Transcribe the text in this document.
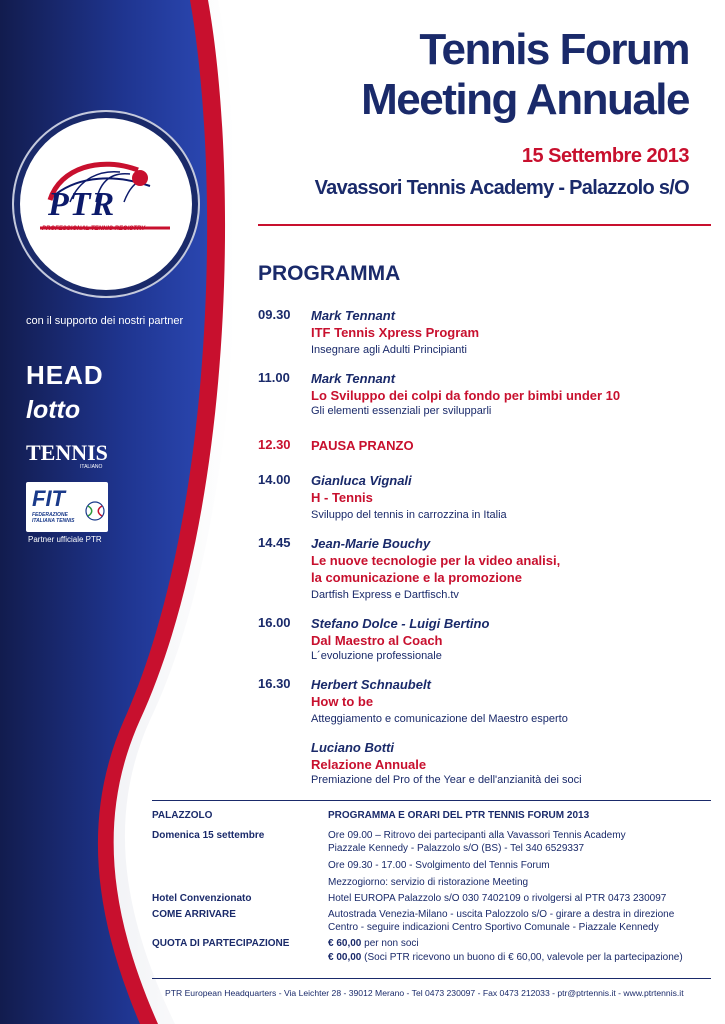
PTR
PROFESSIONAL TENNIS REGISTRY
con il supporto dei nostri partner
HEAD
lotto
TENNIS
ITALIANO
FIT
FEDERAZIONE ITALIANA TENNIS
Partner ufficiale PTR
Tennis Forum
Meeting Annuale
15 Settembre 2013
Vavassori Tennis Academy - Palazzolo s/O
PROGRAMMA
09.30 Mark Tennant
ITF Tennis Xpress Program
Insegnare agli Adulti Principianti
11.00 Mark Tennant
Lo Sviluppo dei colpi da fondo per bimbi under 10
Gli elementi essenziali per svilupparli
12.30 PAUSA PRANZO
14.00 Gianluca Vignali
H - Tennis
Sviluppo del tennis in carrozzina in Italia
14.45 Jean-Marie Bouchy
Le nuove tecnologie per la video analisi,
la comunicazione e la promozione
Dartfish Express e Dartfisch.tv
16.00 Stefano Dolce - Luigi Bertino
Dal Maestro al Coach
L´evoluzione professionale
16.30 Herbert Schnaubelt
How to be
Atteggiamento e comunicazione del Maestro esperto
Luciano Botti
Relazione Annuale
Premiazione del Pro of the Year e dell'anzianità dei soci
PALAZZOLO	PROGRAMMA E ORARI DEL PTR TENNIS FORUM 2013
Domenica 15 settembre	Ore 09.00 – Ritrovo dei partecipanti alla Vavassori Tennis Academy
Piazzale Kennedy - Palazzolo s/O (BS) - Tel 340 6529337
Ore 09.30 - 17.00 - Svolgimento del Tennis Forum
Mezzogiorno: servizio di ristorazione Meeting
Hotel Convenzionato	Hotel EUROPA Palazzolo s/O 030 7402109 o rivolgersi al PTR 0473 230097
COME ARRIVARE	Autostrada Venezia-Milano - uscita Palozzolo s/O - girare a destra in direzione
Centro - seguire indicazioni Centro Sportivo Comunale - Piazzale Kennedy
QUOTA DI PARTECIPAZIONE	€ 60,00 per non soci
€ 00,00 (Soci PTR ricevono un buono di € 60,00, valevole per la partecipazione)
PTR European Headquarters - Via Leichter 28 - 39012 Merano - Tel 0473 230097 - Fax 0473 212033 - ptr@ptrtennis.it - www.ptrtennis.it
